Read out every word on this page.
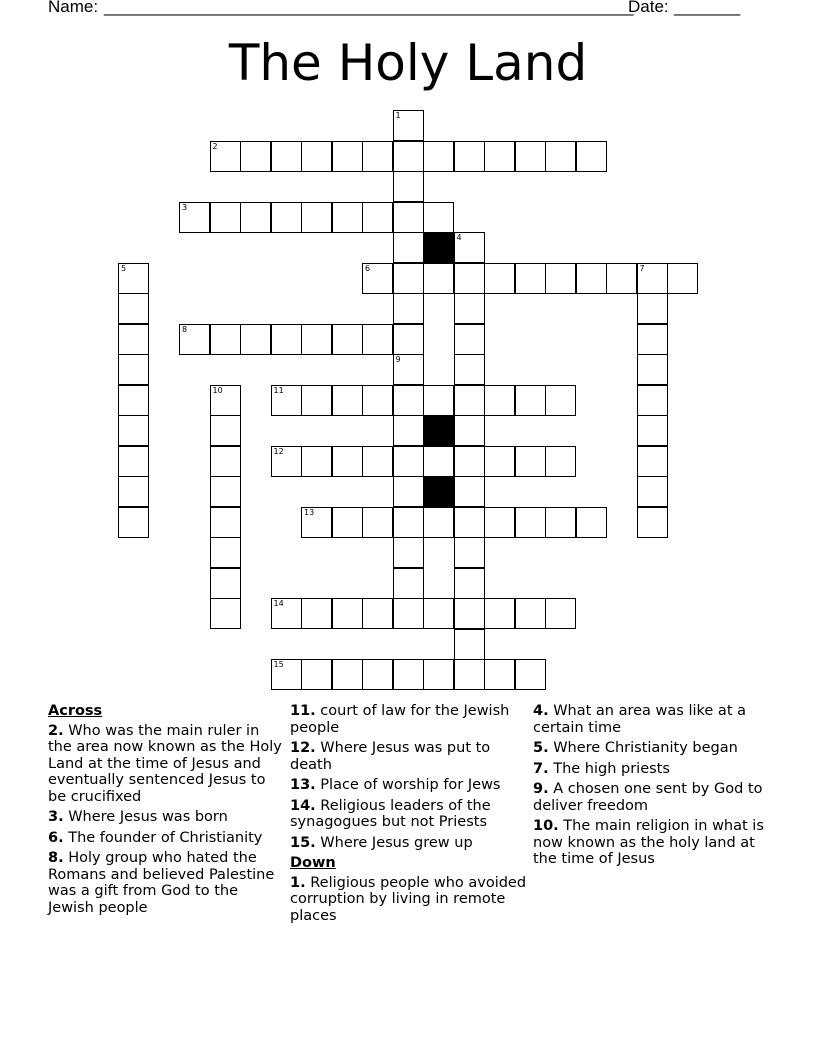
Name: ________________________________________________________
Date: _______
The Holy Land
1
4
5	7
9
10
2
3
6
8
11
12
13
14
15
Across
2. Who was the main ruler in the area now known as the Holy Land at the time of Jesus and eventually sentenced Jesus to be crucifixed
3. Where Jesus was born
6. The founder of Christianity
8. Holy group who hated the Romans and believed Palestine was a gift from God to the Jewish people
11. court of law for the Jewish people
12. Where Jesus was put to death
13. Place of worship for Jews
14. Religious leaders of the synagogues but not Priests
15. Where Jesus grew up
Down
1. Religious people who avoided corruption by living in remote places
4. What an area was like at a certain time
5. Where Christianity began
7. The high priests
9. A chosen one sent by God to deliver freedom
10. The main religion in what is now known as the holy land at the time of Jesus
